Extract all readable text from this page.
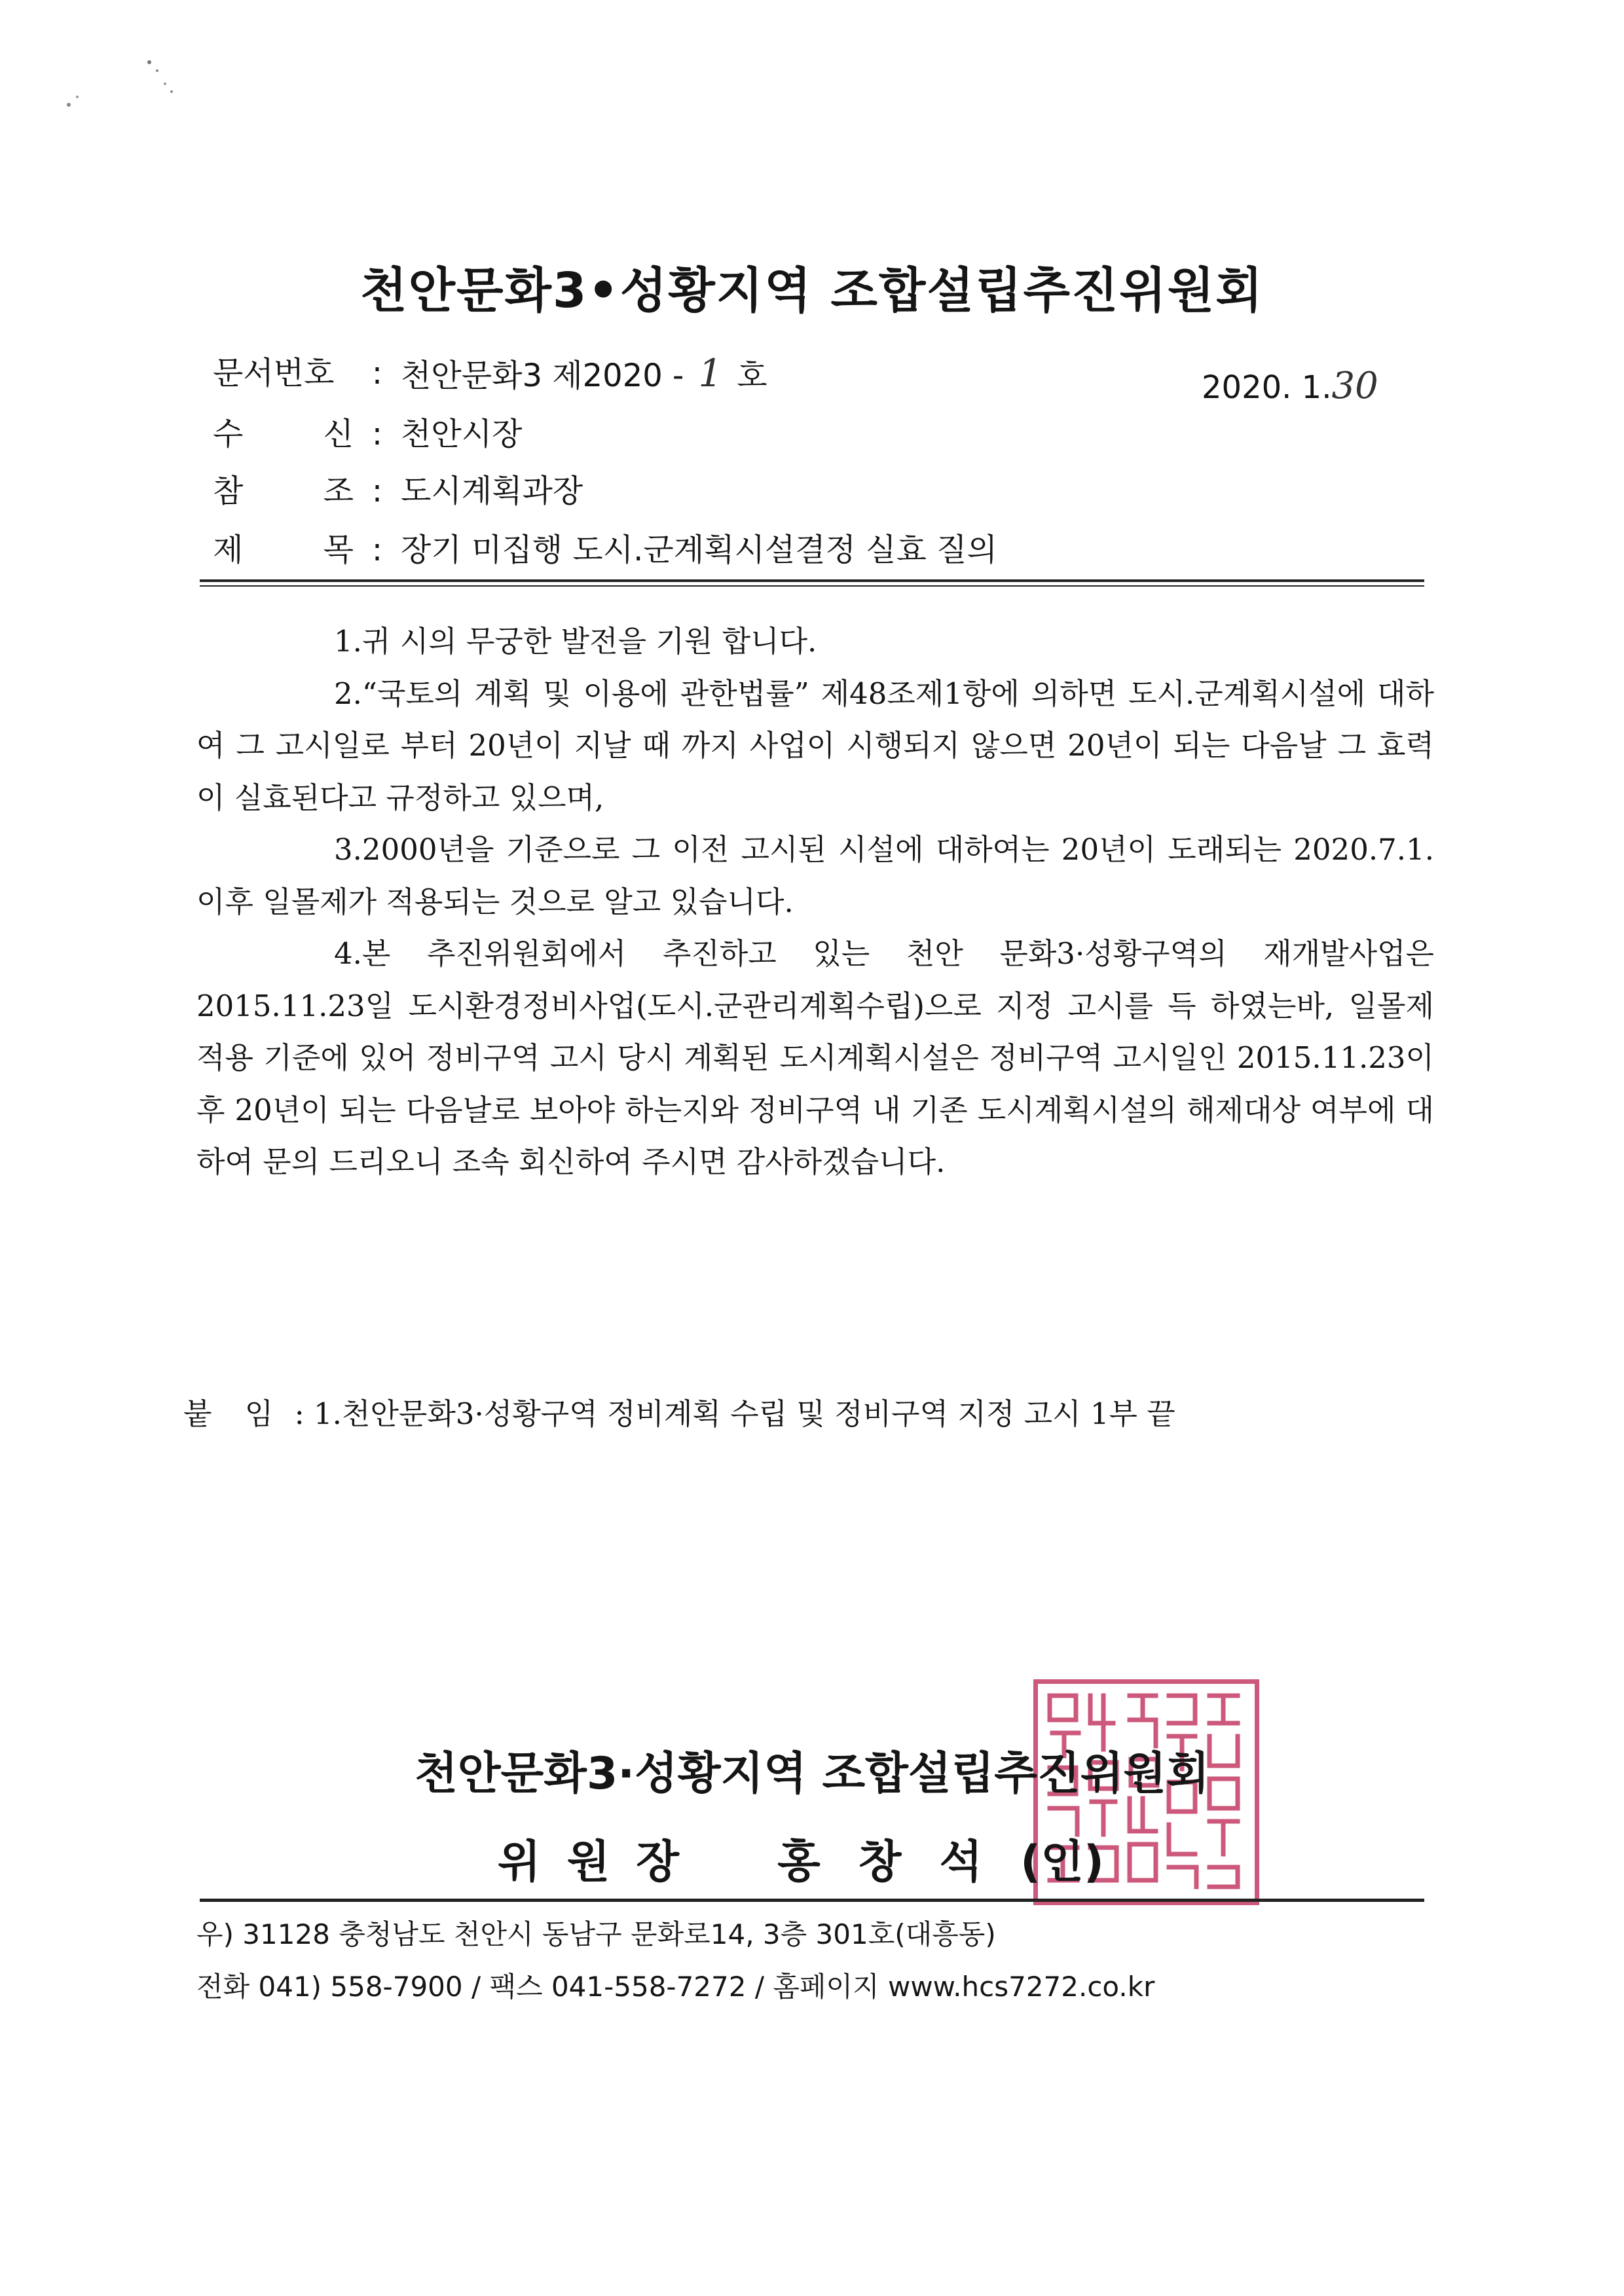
천안문화3•성황지역 조합설립추진위원회
문서번호 : 천안문화3 제2020 - 1 호	2020. 1.30
수 신 : 천안시장
참 조 : 도시계획과장
제 목 : 장기 미집행 도시.군계획시설결정 실효 질의

1.귀 시의 무궁한 발전을 기원 합니다.

2.“국토의 계획 및 이용에 관한법률” 제48조제1항에 의하면 도시.군계획시설에 대하여 그 고시일로 부터 20년이 지날 때 까지 사업이 시행되지 않으면 20년이 되는 다음날 그 효력이 실효된다고 규정하고 있으며,

3.2000년을 기준으로 그 이전 고시된 시설에 대하여는 20년이 도래되는 2020.7.1.이후 일몰제가 적용되는 것으로 알고 있습니다.

4.본 추진위원회에서 추진하고 있는 천안 문화3·성황구역의 재개발사업은 2015.11.23일 도시환경정비사업(도시.군관리계획수립)으로 지정 고시를 득 하였는바, 일몰제 적용 기준에 있어 정비구역 고시 당시 계획된 도시계획시설은 정비구역 고시일인 2015.11.23이후 20년이 되는 다음날로 보아야 하는지와 정비구역 내 기존 도시계획시설의 해제대상 여부에 대하여 문의 드리오니 조속 회신하여 주시면 감사하겠습니다.

붙 임 : 1.천안문화3·성황구역 정비계획 수립 및 정비구역 지정 고시 1부 끝
천안문화3·성황지역 조합설립추진위원회
위원장 홍창석(인)
우) 31128 충청남도 천안시 동남구 문화로14, 3층 301호(대흥동)
전화 041) 558-7900 / 팩스 041-558-7272 / 홈페이지 www.hcs7272.co.kr
